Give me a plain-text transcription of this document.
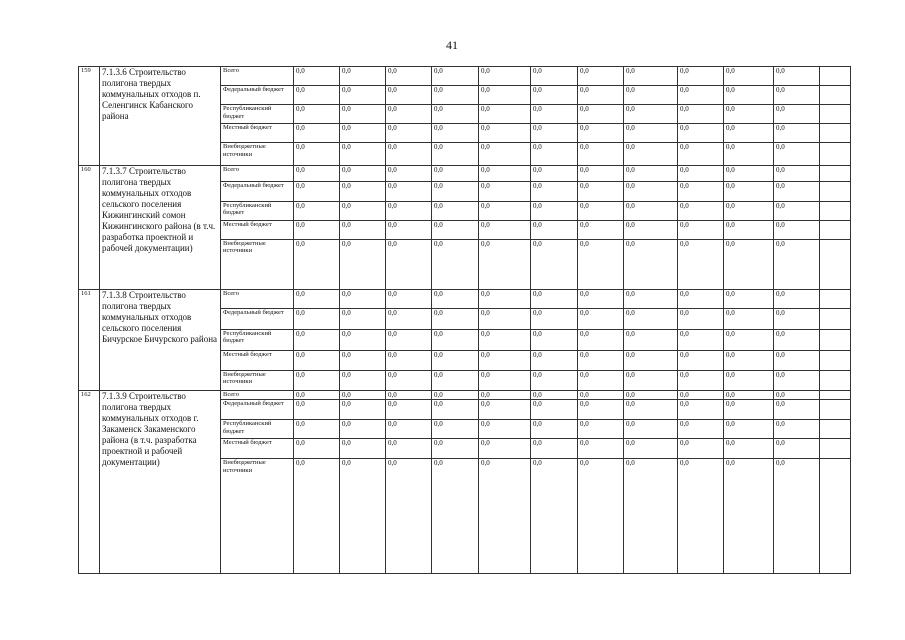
41
159	7.1.3.6 Строительство полигона твердых коммунальных отходов п. Селенгинск Кабанского района	Всего	0,0	0,0	0,0	0,0	0,0	0,0	0,0	0,0	0,0	0,0	0,0	
		Федеральный бюджет	0,0	0,0	0,0	0,0	0,0	0,0	0,0	0,0	0,0	0,0	0,0	
		Республиканский бюджет	0,0	0,0	0,0	0,0	0,0	0,0	0,0	0,0	0,0	0,0	0,0	
		Местный бюджет	0,0	0,0	0,0	0,0	0,0	0,0	0,0	0,0	0,0	0,0	0,0	
		Внебюджетные источники	0,0	0,0	0,0	0,0	0,0	0,0	0,0	0,0	0,0	0,0	0,0	
160	7.1.3.7 Строительство полигона твердых коммунальных отходов сельского поселения Кижингинский сомон Кижингинского района (в т.ч. разработка проектной и рабочей документации)	Всего	0,0	0,0	0,0	0,0	0,0	0,0	0,0	0,0	0,0	0,0	0,0	
		Федеральный бюджет	0,0	0,0	0,0	0,0	0,0	0,0	0,0	0,0	0,0	0,0	0,0	
		Республиканский бюджет	0,0	0,0	0,0	0,0	0,0	0,0	0,0	0,0	0,0	0,0	0,0	
		Местный бюджет	0,0	0,0	0,0	0,0	0,0	0,0	0,0	0,0	0,0	0,0	0,0	
		Внебюджетные источники	0,0	0,0	0,0	0,0	0,0	0,0	0,0	0,0	0,0	0,0	0,0	
161	7.1.3.8 Строительство полигона твердых коммунальных отходов сельского поселения Бичурское Бичурского района	Всего	0,0	0,0	0,0	0,0	0,0	0,0	0,0	0,0	0,0	0,0	0,0	
		Федеральный бюджет	0,0	0,0	0,0	0,0	0,0	0,0	0,0	0,0	0,0	0,0	0,0	
		Республиканский бюджет	0,0	0,0	0,0	0,0	0,0	0,0	0,0	0,0	0,0	0,0	0,0	
		Местный бюджет	0,0	0,0	0,0	0,0	0,0	0,0	0,0	0,0	0,0	0,0	0,0	
		Внебюджетные источники	0,0	0,0	0,0	0,0	0,0	0,0	0,0	0,0	0,0	0,0	0,0	
162	7.1.3.9 Строительство полигона твердых коммунальных отходов г. Закаменск Закаменского района (в т.ч. разработка проектной и рабочей документации)	Всего	0,0	0,0	0,0	0,0	0,0	0,0	0,0	0,0	0,0	0,0	0,0	
		Федеральный бюджет	0,0	0,0	0,0	0,0	0,0	0,0	0,0	0,0	0,0	0,0	0,0	
		Республиканский бюджет	0,0	0,0	0,0	0,0	0,0	0,0	0,0	0,0	0,0	0,0	0,0	
		Местный бюджет	0,0	0,0	0,0	0,0	0,0	0,0	0,0	0,0	0,0	0,0	0,0	
		Внебюджетные источники	0,0	0,0	0,0	0,0	0,0	0,0	0,0	0,0	0,0	0,0	0,0	
